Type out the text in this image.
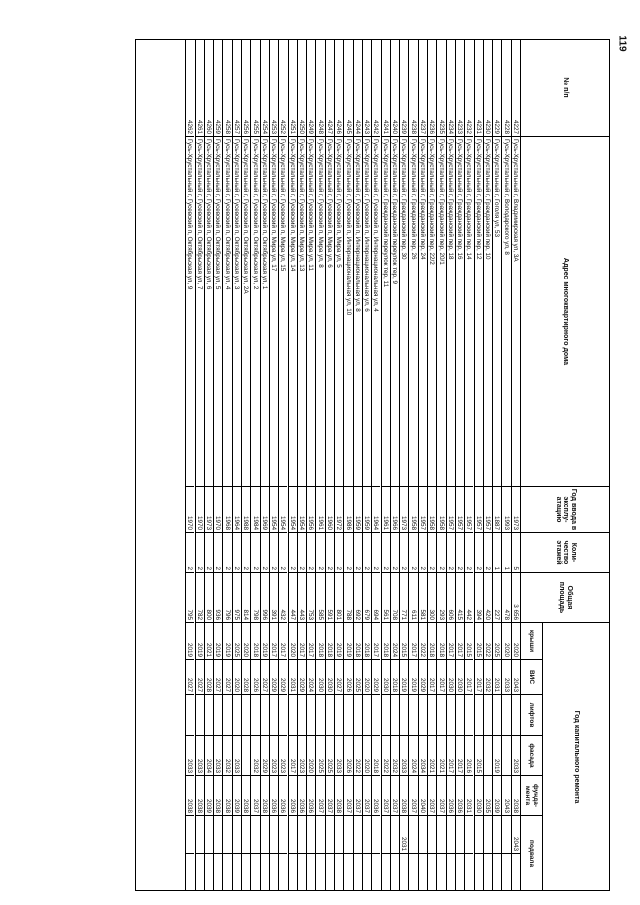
119
№ п/п
Адрес многоквартирного дома
Год ввода в эксплу-атацию
Коли-чество этажей
Общая площадь
Год капитального ремонта
крыши
ВИС
лифтов
фасада
фунда-мента
подвала
4227
Гусь-Хрустальный г, Владимирская ул, 3А
1973
5
3 656
2020
2043
2033
2038
2043
4228
Гусь-Хрустальный г, Володарского ул, 8
1993
1
478
2020
2033
2043
4229
Гусь-Хрустальный г, Гоголя ул, 53
1887
1
227
2025
2031
2019
2039
4230
Гусь-Хрустальный г, Гражданский пер, 10
1957
2
420
2022
2032
2035
4231
Гусь-Хрустальный г, Гражданский пер, 12
1957
2
394
2015
2017
2015
2030
4232
Гусь-Хрустальный г, Гражданский пер, 14
1957
2
442
2015
2017
2016
2031
4233
Гусь-Хрустальный г, Гражданский пер, 16
1957
2
415
2017
2030
2017
2036
4234
Гусь-Хрустальный г, Гражданский пер, 18
1957
2
606
2017
2030
2017
2036
4235
Гусь-Хрустальный г, Гражданский пер, 20/1
1958
2
293
2018
2017
2021
2037
4236
Гусь-Хрустальный г, Гражданский пер, 22/2
1958
2
300
2018
2017
2021
2037
4237
Гусь-Хрустальный г, Гражданский пер, 24
1957
2
581
2022
2029
2034
2040
4238
Гусь-Хрустальный г, Гражданский пер, 26
1958
2
611
2017
2019
2024
2037
4239
Гусь-Хрустальный г, Гражданский пер, 30
1973
2
771
2015
2019
2033
2038
2031
4240
Гусь-Хрустальный г, Гражданский переулок тер, 9
1966
2
708
2024
2018
2032
2037
4241
Гусь-Хрустальный г, Гражданский переулок тер, 11
1961
2
561
2018
2030
2022
2037
4242
Гусь-Хрустальный г, Гусевский п, Интернациональная ул, 4
1964
2
694
2017
2029
2018
2036
4243
Гусь-Хрустальный г, Гусевский п, Интернациональная ул, 6
1959
2
679
2018
2020
2020
2037
4244
Гусь-Хрустальный г, Гусевский п, Интернациональная ул, 8
1959
2
692
2018
2025
2022
2037
4245
Гусь-Хрустальный г, Гусевский п, Интернациональная ул, 10
1986
2
788
2019
2026
2026
2037
4246
Гусь-Хрустальный г, Гусевский п, Мира ул, 5
1972
2
801
2019
2027
2033
2038
4247
Гусь-Хрустальный г, Гусевский п, Мира ул, 6
1960
2
591
2018
2030
2025
2037
4248
Гусь-Хрустальный г, Гусевский п, Мира ул, 8
1961
2
585
2018
2030
2025
2037
4249
Гусь-Хрустальный г, Гусевский п, Мира ул, 11
1956
2
753
2017
2024
2020
2036
4250
Гусь-Хрустальный г, Гусевский п, Мира ул, 13
1954
2
443
2017
2029
2023
2036
4251
Гусь-Хрустальный г, Гусевский п, Мира ул, 14
1954
2
447
2020
2031
2017
2036
4252
Гусь-Хрустальный г, Гусевский п, Мира ул, 15
1954
2
432
2017
2029
2023
2036
4253
Гусь-Хрустальный г, Гусевский п, Мира ул, 17
1954
2
391
2017
2029
2023
2036
4254
Гусь-Хрустальный г, Гусевский п, Октябрьская ул, 1
1969
2
996
2019
2027
2029
2038
4255
Гусь-Хрустальный г, Гусевский п, Октябрьская ул, 2
1984
2
798
2018
2026
2032
2037
4256
Гусь-Хрустальный г, Гусевский п, Октябрьская ул, 2А
1988
2
814
2020
2028
2038
4257
Гусь-Хрустальный г, Гусевский п, Октябрьская ул, 3
1964
2
975
2025
2020
2033
2039
4258
Гусь-Хрустальный г, Гусевский п, Октябрьская ул, 4
1968
2
796
2019
2027
2032
2038
4259
Гусь-Хрустальный г, Гусевский п, Октябрьская ул, 5
1970
2
936
2019
2027
2033
2038
4260
Гусь-Хрустальный г, Гусевский п, Октябрьская ул, 6
1973
2
800
2021
2028
2034
2039
4261
Гусь-Хрустальный г, Гусевский п, Октябрьская ул, 7
1970
2
782
2019
2027
2033
2038
4262
Гусь-Хрустальный г, Гусевский п, Октябрьская ул, 9
1970
2
795
2019
2027
2033
2038
